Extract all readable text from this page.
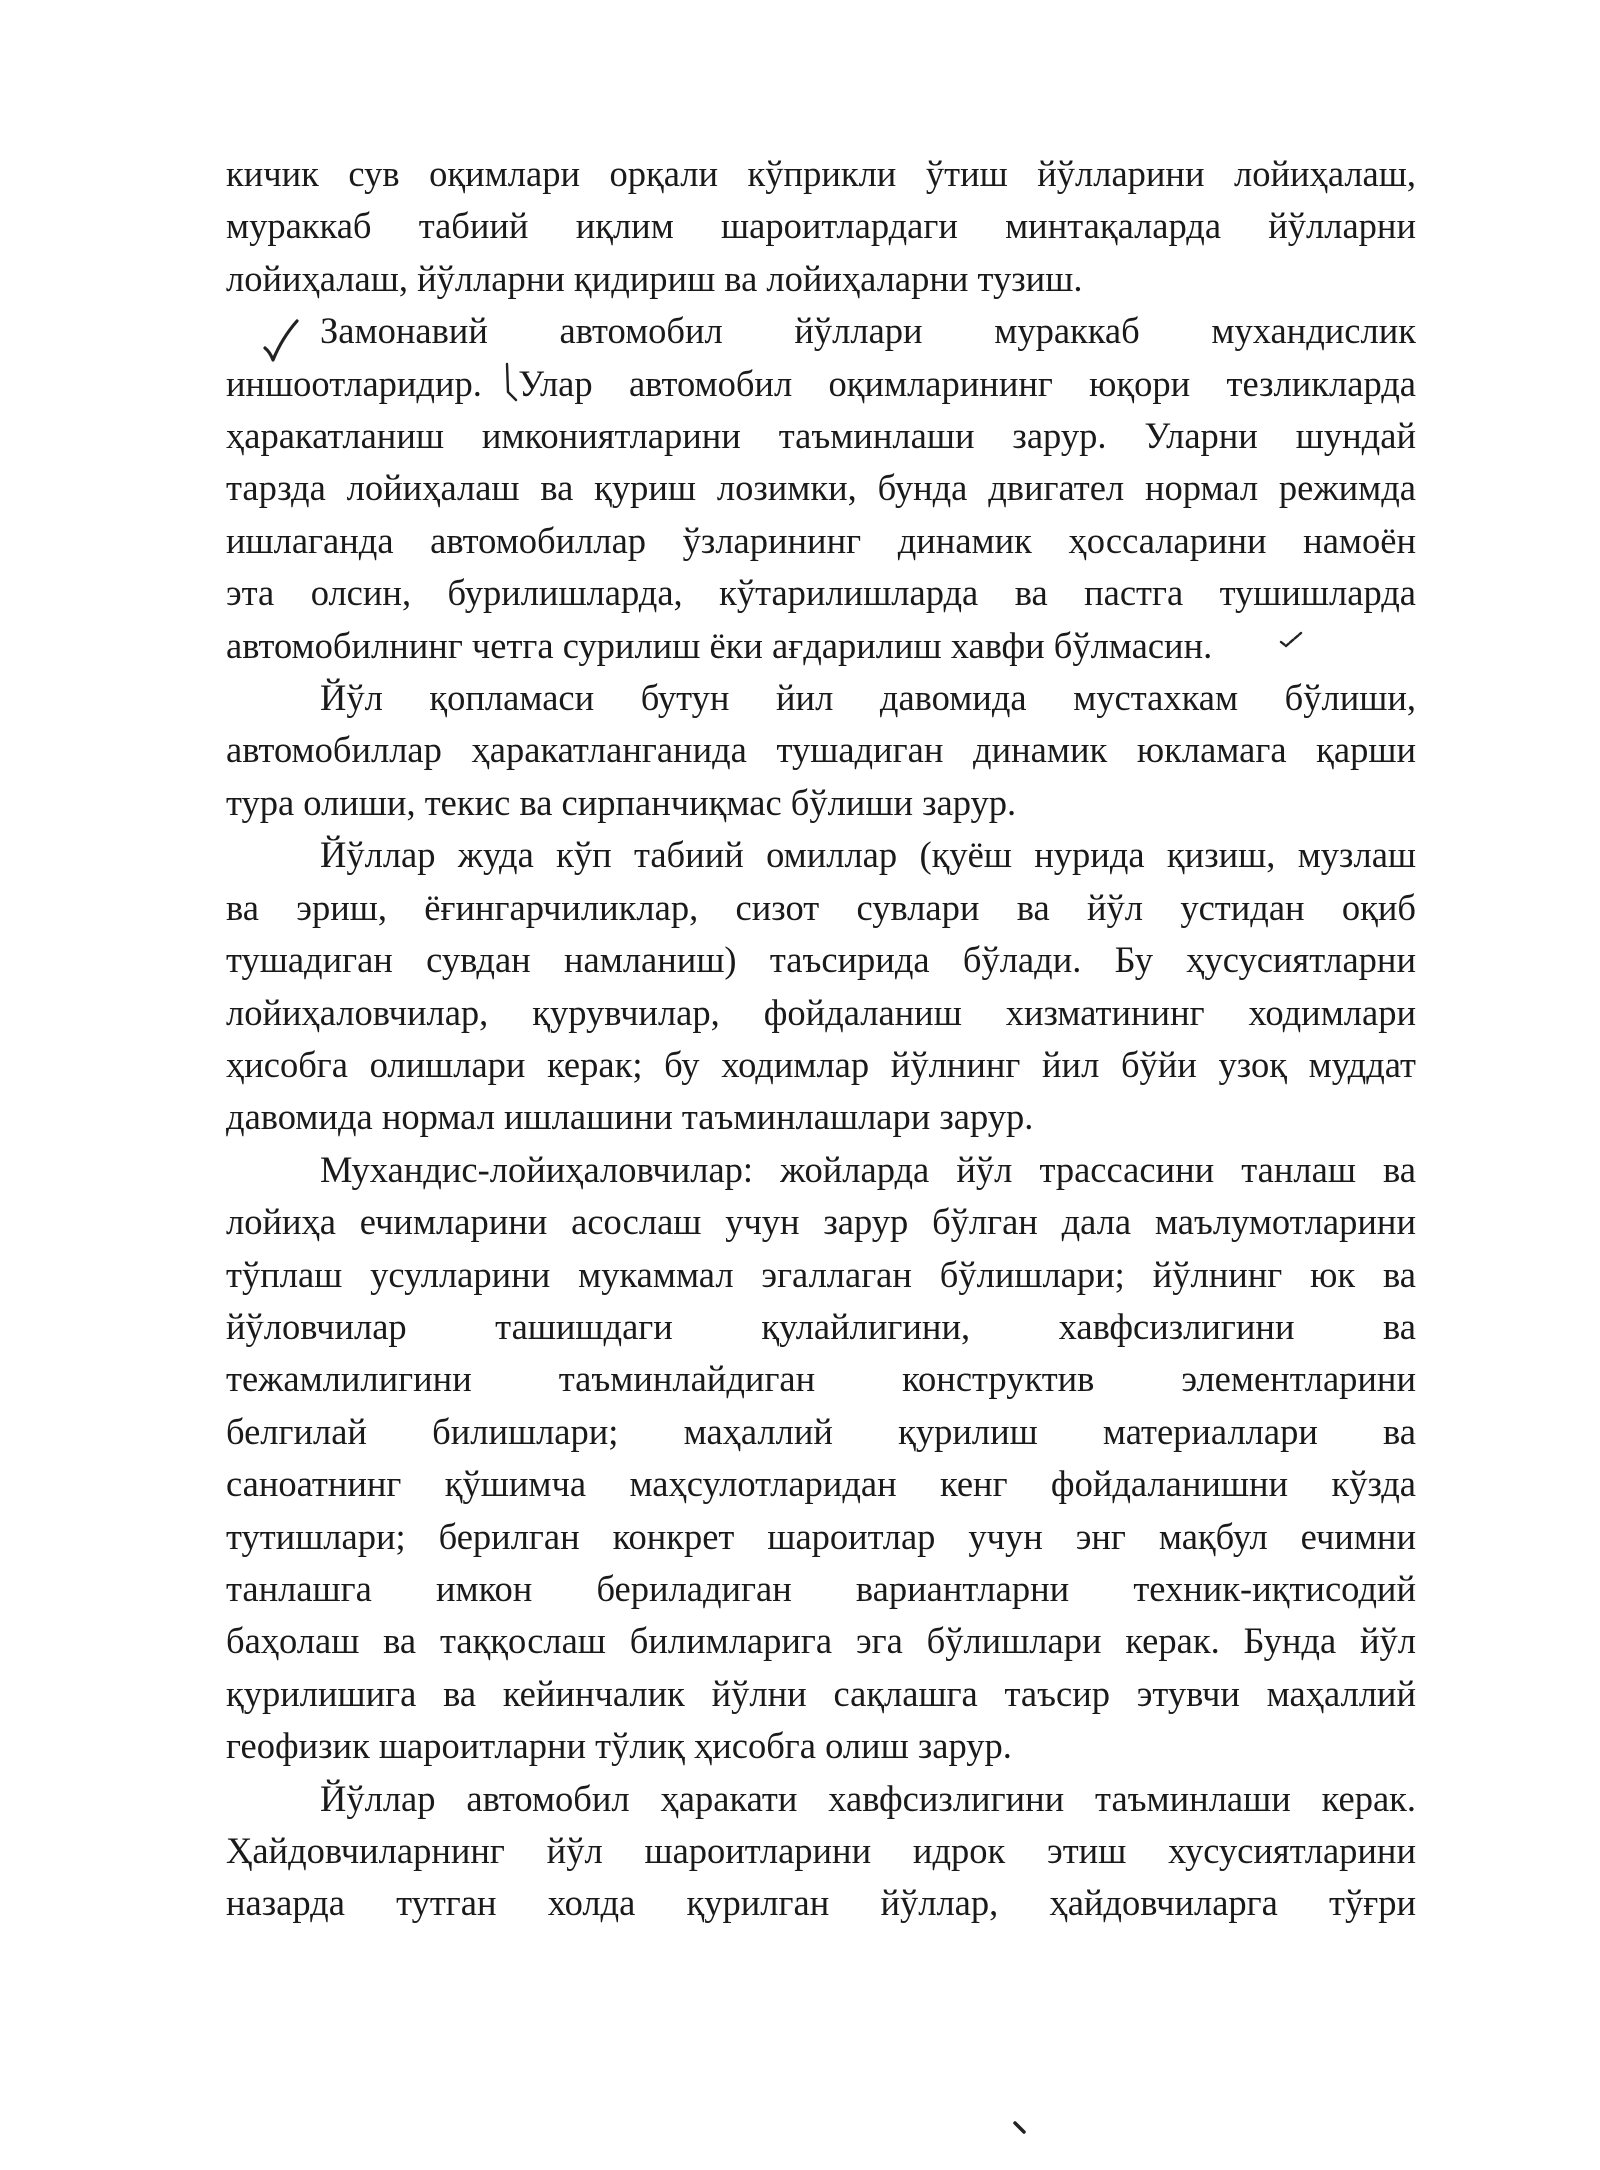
кичик сув оқимлари орқали кўприкли ўтиш йўлларини лойиҳалаш,
мураккаб табиий иқлим шароитлардаги минтақаларда йўлларни
лойиҳалаш, йўлларни қидириш ва лойиҳаларни тузиш.
Замонавий автомобил йўллари мураккаб мухандислик
иншоотларидир. Улар автомобил оқимларининг юқори тезликларда
ҳаракатланиш имкониятларини таъминлаши зарур. Уларни шундай
тарзда лойиҳалаш ва қуриш лозимки, бунда двигател нормал режимда
ишлаганда автомобиллар ўзларининг динамик ҳоссаларини намоён
эта олсин, бурилишларда, кўтарилишларда ва пастга тушишларда
автомобилнинг четга сурилиш ёки ағдарилиш хавфи бўлмасин.
Йўл қопламаси бутун йил давомида мустахкам бўлиши,
автомобиллар ҳаракатланганида тушадиган динамик юкламага қарши
тура олиши, текис ва сирпанчиқмас бўлиши зарур.
Йўллар жуда кўп табиий омиллар (қуёш нурида қизиш, музлаш
ва эриш, ёғингарчиликлар, сизот сувлари ва йўл устидан оқиб
тушадиган сувдан намланиш) таъсирида бўлади. Бу ҳусусиятларни
лойиҳаловчилар, қурувчилар, фойдаланиш хизматининг ходимлари
ҳисобга олишлари керак; бу ходимлар йўлнинг йил бўйи узоқ муддат
давомида нормал ишлашини таъминлашлари зарур.
Мухандис-лойиҳаловчилар: жойларда йўл трассасини танлаш ва
лойиҳа ечимларини асослаш учун зарур бўлган дала маълумотларини
тўплаш усулларини мукаммал эгаллаган бўлишлари; йўлнинг юк ва
йўловчилар ташишдаги қулайлигини, хавфсизлигини ва
тежамлилигини таъминлайдиган конструктив элементларини
белгилай билишлари; маҳаллий қурилиш материаллари ва
саноатнинг қўшимча маҳсулотларидан кенг фойдаланишни кўзда
тутишлари; берилган конкрет шароитлар учун энг мақбул ечимни
танлашга имкон бериладиган вариантларни техник-иқтисодий
баҳолаш ва таққослаш билимларига эга бўлишлари керак. Бунда йўл
қурилишига ва кейинчалик йўлни сақлашга таъсир этувчи маҳаллий
геофизик шароитларни тўлиқ ҳисобга олиш зарур.
Йўллар автомобил ҳаракати хавфсизлигини таъминлаши керак.
Ҳайдовчиларнинг йўл шароитларини идрок этиш хусусиятларини
назарда тутган холда қурилган йўллар, ҳайдовчиларга тўғри
